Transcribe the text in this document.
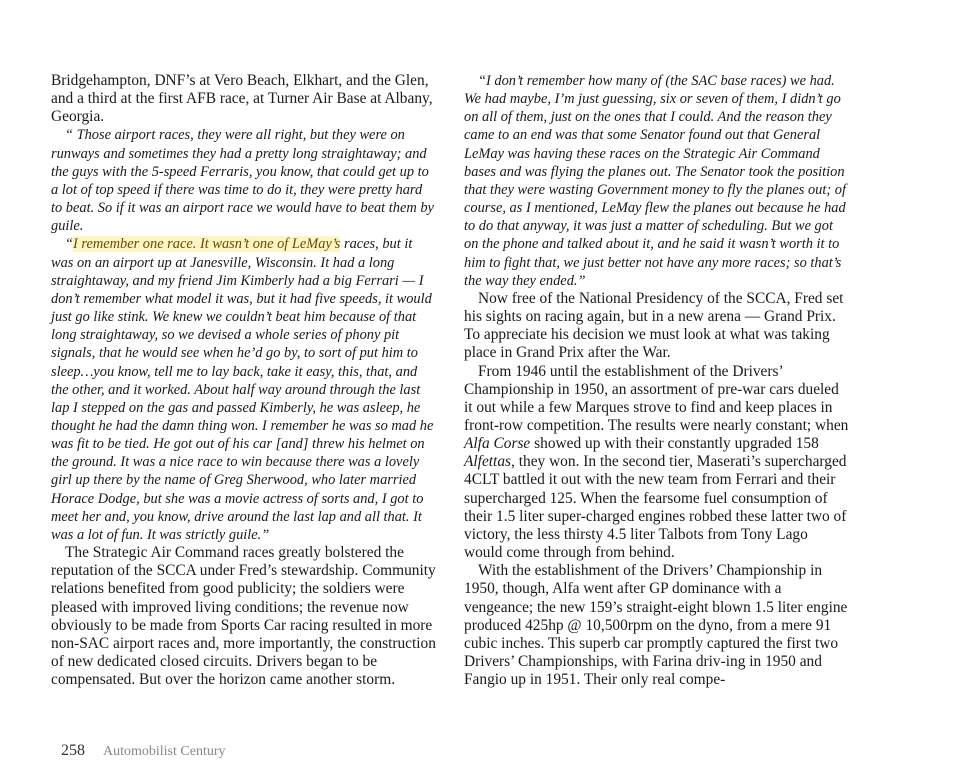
Bridgehampton, DNF’s at Vero Beach, Elkhart, and the Glen, and a third at the first AFB race, at Turner Air Base at Albany, Georgia.

“ Those airport races, they were all right, but they were on runways and sometimes they had a pretty long straightaway; and the guys with the 5-speed Ferraris, you know, that could get up to a lot of top speed if there was time to do it, they were pretty hard to beat. So if it was an airport race we would have to beat them by guile.

“I remember one race. It wasn’t one of LeMay’s races, but it was on an airport up at Janesville, Wisconsin. It had a long straightaway, and my friend Jim Kimberly had a big Ferrari — I don’t remember what model it was, but it had five speeds, it would just go like stink. We knew we couldn’t beat him because of that long straightaway, so we devised a whole series of phony pit signals, that he would see when he’d go by, to sort of put him to sleep…you know, tell me to lay back, take it easy, this, that, and the other, and it worked. About half way around through the last lap I stepped on the gas and passed Kimberly, he was asleep, he thought he had the damn thing won. I remember he was so mad he was fit to be tied. He got out of his car [and] threw his helmet on the ground. It was a nice race to win because there was a lovely girl up there by the name of Greg Sherwood, who later married Horace Dodge, but she was a movie actress of sorts and, I got to meet her and, you know, drive around the last lap and all that. It was a lot of fun. It was strictly guile.”

The Strategic Air Command races greatly bolstered the reputation of the SCCA under Fred’s stewardship. Community relations benefited from good publicity; the soldiers were pleased with improved living conditions; the revenue now obviously to be made from Sports Car racing resulted in more non-SAC airport races and, more importantly, the construction of new dedicated closed circuits. Drivers began to be compensated. But over the horizon came another storm.

“I don’t remember how many of (the SAC base races) we had. We had maybe, I’m just guessing, six or seven of them, I didn’t go on all of them, just on the ones that I could. And the reason they came to an end was that some Senator found out that General LeMay was having these races on the Strategic Air Command bases and was flying the planes out. The Senator took the position that they were wasting Government money to fly the planes out; of course, as I mentioned, LeMay flew the planes out because he had to do that anyway, it was just a matter of scheduling. But we got on the phone and talked about it, and he said it wasn’t worth it to him to fight that, we just better not have any more races; so that’s the way they ended.”

Now free of the National Presidency of the SCCA, Fred set his sights on racing again, but in a new arena — Grand Prix. To appreciate his decision we must look at what was taking place in Grand Prix after the War.

From 1946 until the establishment of the Drivers’ Championship in 1950, an assortment of pre-war cars dueled it out while a few Marques strove to find and keep places in front-row competition. The results were nearly constant; when Alfa Corse showed up with their constantly upgraded 158 Alfettas, they won. In the second tier, Maserati’s supercharged 4CLT battled it out with the new team from Ferrari and their supercharged 125. When the fearsome fuel consumption of their 1.5 liter super-charged engines robbed these latter two of victory, the less thirsty 4.5 liter Talbots from Tony Lago would come through from behind.

With the establishment of the Drivers’ Championship in 1950, though, Alfa went after GP dominance with a vengeance; the new 159’s straight-eight blown 1.5 liter engine produced 425hp @ 10,500rpm on the dyno, from a mere 91 cubic inches. This superb car promptly captured the first two Drivers’ Championships, with Farina driv-ing in 1950 and Fangio up in 1951. Their only real compe-

258 Automobilist Century
